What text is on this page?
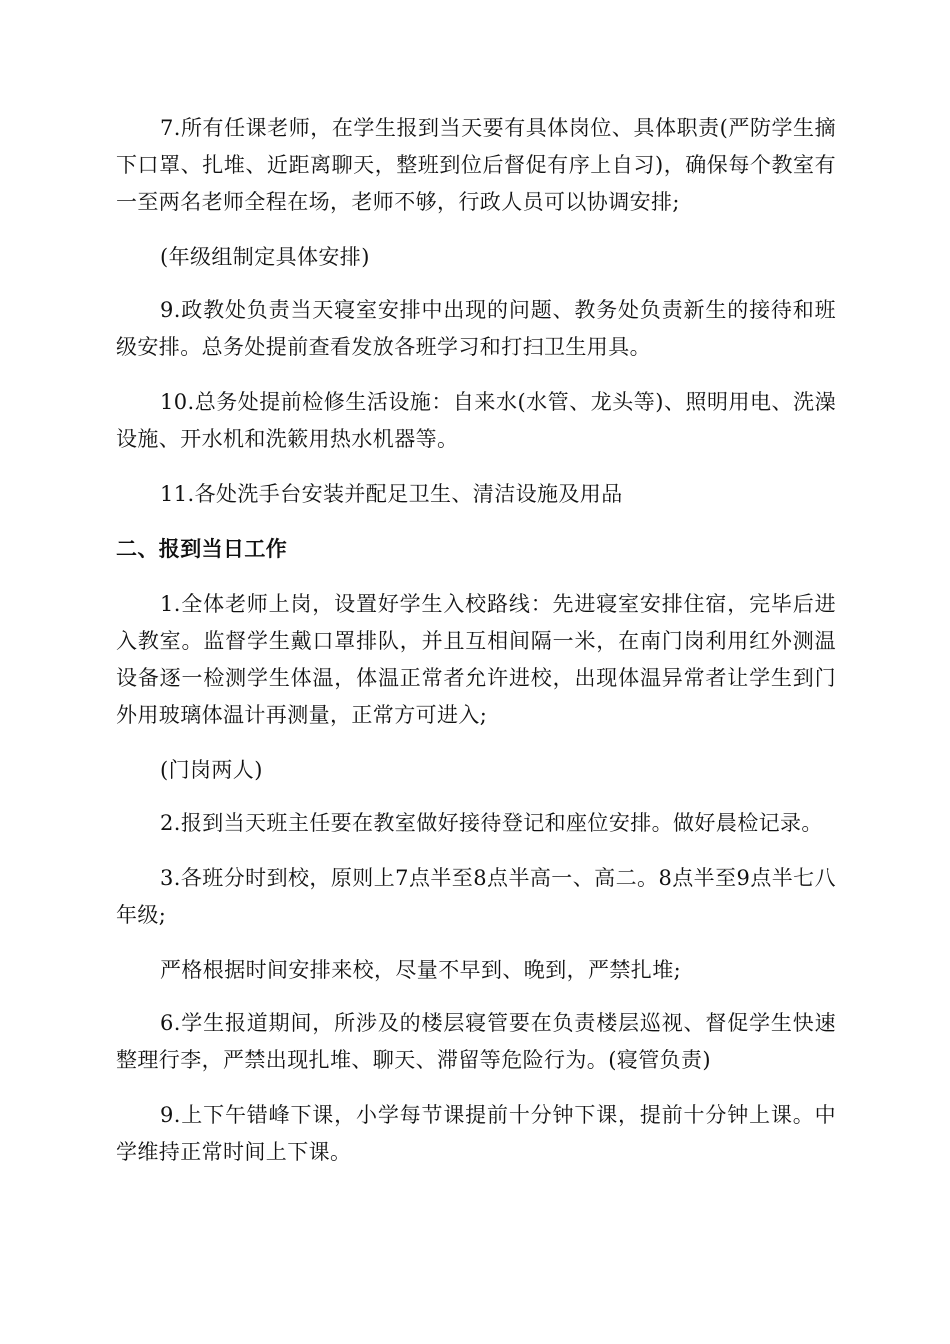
7.所有任课老师，在学生报到当天要有具体岗位、具体职责(严防学生摘下口罩、扎堆、近距离聊天，整班到位后督促有序上自习)，确保每个教室有一至两名老师全程在场，老师不够，行政人员可以协调安排;

(年级组制定具体安排)

9.政教处负责当天寝室安排中出现的问题、教务处负责新生的接待和班级安排。总务处提前查看发放各班学习和打扫卫生用具。

10.总务处提前检修生活设施：自来水(水管、龙头等)、照明用电、洗澡设施、开水机和洗簌用热水机器等。

11.各处洗手台安装并配足卫生、清洁设施及用品

二、报到当日工作

1.全体老师上岗，设置好学生入校路线：先进寝室安排住宿，完毕后进入教室。监督学生戴口罩排队，并且互相间隔一米，在南门岗利用红外测温设备逐一检测学生体温，体温正常者允许进校，出现体温异常者让学生到门外用玻璃体温计再测量，正常方可进入;

(门岗两人)

2.报到当天班主任要在教室做好接待登记和座位安排。做好晨检记录。

3.各班分时到校，原则上7点半至8点半高一、高二。8点半至9点半七八年级;

严格根据时间安排来校，尽量不早到、晚到，严禁扎堆;

6.学生报道期间，所涉及的楼层寝管要在负责楼层巡视、督促学生快速整理行李，严禁出现扎堆、聊天、滞留等危险行为。(寝管负责)

9.上下午错峰下课，小学每节课提前十分钟下课，提前十分钟上课。中学维持正常时间上下课。
